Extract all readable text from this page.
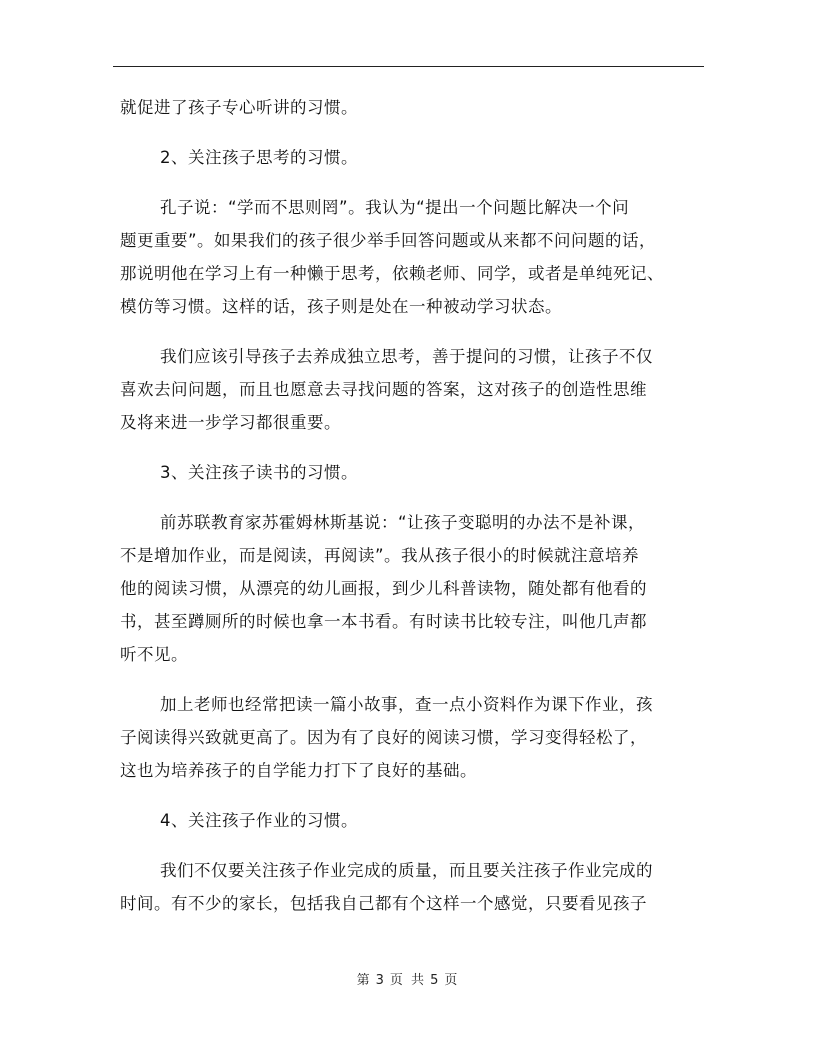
就促进了孩子专心听讲的习惯。

2、关注孩子思考的习惯。

孔子说：“学而不思则罔”。我认为“提出一个问题比解决一个问
题更重要”。如果我们的孩子很少举手回答问题或从来都不问问题的话，
那说明他在学习上有一种懒于思考，依赖老师、同学，或者是单纯死记、
模仿等习惯。这样的话，孩子则是处在一种被动学习状态。

我们应该引导孩子去养成独立思考，善于提问的习惯，让孩子不仅
喜欢去问问题，而且也愿意去寻找问题的答案，这对孩子的创造性思维
及将来进一步学习都很重要。

3、关注孩子读书的习惯。

前苏联教育家苏霍姆林斯基说：“让孩子变聪明的办法不是补课，
不是增加作业，而是阅读，再阅读”。我从孩子很小的时候就注意培养
他的阅读习惯，从漂亮的幼儿画报，到少儿科普读物，随处都有他看的
书，甚至蹲厕所的时候也拿一本书看。有时读书比较专注，叫他几声都
听不见。

加上老师也经常把读一篇小故事，查一点小资料作为课下作业，孩
子阅读得兴致就更高了。因为有了良好的阅读习惯，学习变得轻松了，
这也为培养孩子的自学能力打下了良好的基础。

4、关注孩子作业的习惯。

我们不仅要关注孩子作业完成的质量，而且要关注孩子作业完成的
时间。有不少的家长，包括我自己都有个这样一个感觉，只要看见孩子

第 3 页 共 5 页
